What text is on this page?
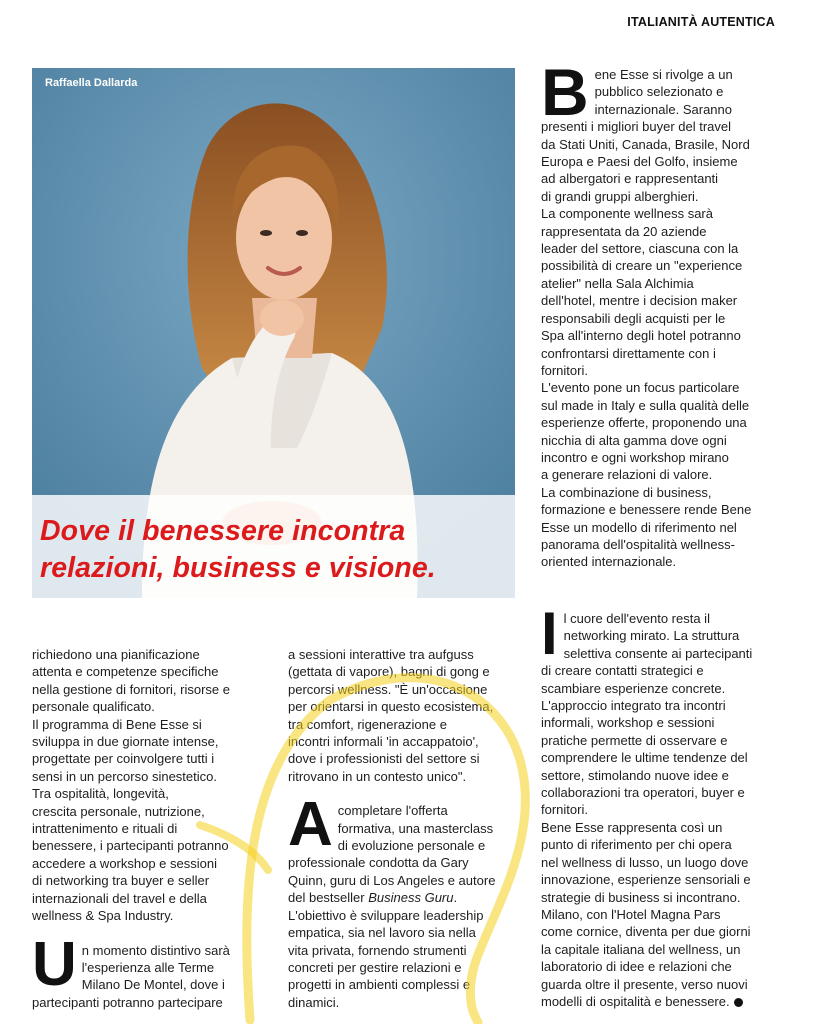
ITALIANITÀ AUTENTICA
Raffaella Dallarda
Dove il benessere incontra
relazioni, business e visione.
B ene Esse si rivolge a un
pubblico selezionato e
internazionale. Saranno
presenti i migliori buyer del travel
da Stati Uniti, Canada, Brasile, Nord
Europa e Paesi del Golfo, insieme
ad albergatori e rappresentanti
di grandi gruppi alberghieri.
La componente wellness sarà
rappresentata da 20 aziende
leader del settore, ciascuna con la
possibilità di creare un "experience
atelier" nella Sala Alchimia
dell'hotel, mentre i decision maker
responsabili degli acquisti per le
Spa all'interno degli hotel potranno
confrontarsi direttamente con i
fornitori.
L'evento pone un focus particolare
sul made in Italy e sulla qualità delle
esperienze offerte, proponendo una
nicchia di alta gamma dove ogni
incontro e ogni workshop mirano
a generare relazioni di valore.
La combinazione di business,
formazione e benessere rende Bene
Esse un modello di riferimento nel
panorama dell'ospitalità wellness-
oriented internazionale.
richiedono una pianificazione
attenta e competenze specifiche
nella gestione di fornitori, risorse e
personale qualificato.
Il programma di Bene Esse si
sviluppa in due giornate intense,
progettate per coinvolgere tutti i
sensi in un percorso sinestetico.
Tra ospitalità, longevità,
crescita personale, nutrizione,
intrattenimento e rituali di
benessere, i partecipanti potranno
accedere a workshop e sessioni
di networking tra buyer e seller
internazionali del travel e della
wellness & Spa Industry.
U n momento distintivo sarà
l'esperienza alle Terme
Milano De Montel, dove i
partecipanti potranno partecipare
a sessioni interattive tra aufguss
(gettata di vapore), bagni di gong e
percorsi wellness. "È un'occasione
per orientarsi in questo ecosistema,
tra comfort, rigenerazione e
incontri informali 'in accappatoio',
dove i professionisti del settore si
ritrovano in un contesto unico".
A completare l'offerta
formativa, una masterclass
di evoluzione personale e
professionale condotta da Gary
Quinn, guru di Los Angeles e autore
del bestseller Business Guru.
L'obiettivo è sviluppare leadership
empatica, sia nel lavoro sia nella
vita privata, fornendo strumenti
concreti per gestire relazioni e
progetti in ambienti complessi e
dinamici.
I l cuore dell'evento resta il
networking mirato. La struttura
selettiva consente ai partecipanti
di creare contatti strategici e
scambiare esperienze concrete.
L'approccio integrato tra incontri
informali, workshop e sessioni
pratiche permette di osservare e
comprendere le ultime tendenze del
settore, stimolando nuove idee e
collaborazioni tra operatori, buyer e
fornitori.
Bene Esse rappresenta così un
punto di riferimento per chi opera
nel wellness di lusso, un luogo dove
innovazione, esperienze sensoriali e
strategie di business si incontrano.
Milano, con l'Hotel Magna Pars
come cornice, diventa per due giorni
la capitale italiana del wellness, un
laboratorio di idee e relazioni che
guarda oltre il presente, verso nuovi
modelli di ospitalità e benessere.
